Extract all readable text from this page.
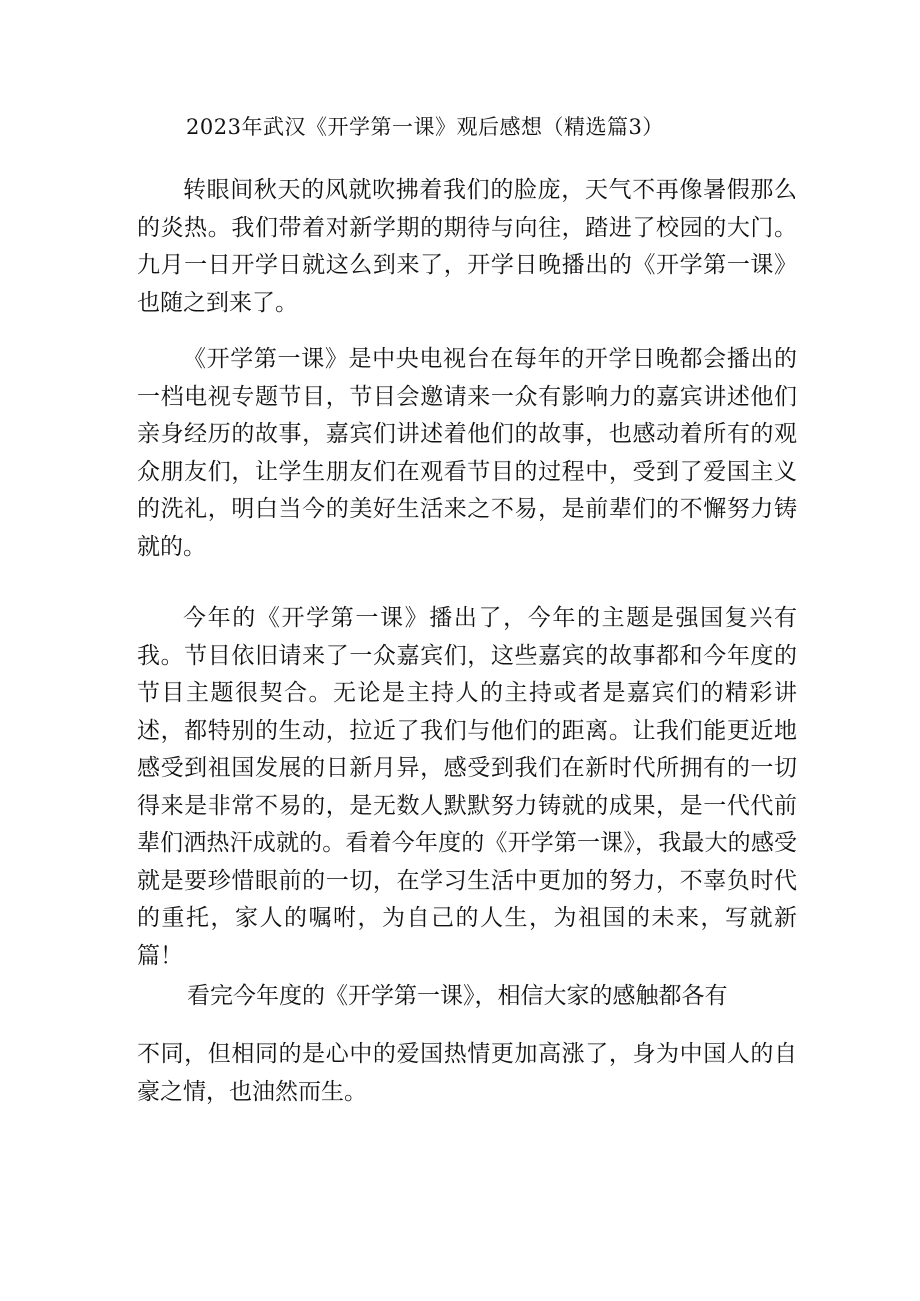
2023年武汉《开学第一课》观后感想（精选篇3）

转眼间秋天的风就吹拂着我们的脸庞，天气不再像暑假那么的炎热。我们带着对新学期的期待与向往，踏进了校园的大门。九月一日开学日就这么到来了，开学日晚播出的《开学第一课》也随之到来了。

《开学第一课》是中央电视台在每年的开学日晚都会播出的一档电视专题节目，节目会邀请来一众有影响力的嘉宾讲述他们亲身经历的故事，嘉宾们讲述着他们的故事，也感动着所有的观众朋友们，让学生朋友们在观看节目的过程中，受到了爱国主义的洗礼，明白当今的美好生活来之不易，是前辈们的不懈努力铸就的。

今年的《开学第一课》播出了，今年的主题是强国复兴有我。节目依旧请来了一众嘉宾们，这些嘉宾的故事都和今年度的节目主题很契合。无论是主持人的主持或者是嘉宾们的精彩讲述，都特别的生动，拉近了我们与他们的距离。让我们能更近地感受到祖国发展的日新月异，感受到我们在新时代所拥有的一切得来是非常不易的，是无数人默默努力铸就的成果，是一代代前辈们洒热汗成就的。看着今年度的《开学第一课》，我最大的感受就是要珍惜眼前的一切，在学习生活中更加的努力，不辜负时代的重托，家人的嘱咐，为自己的人生，为祖国的未来，写就新篇！

看完今年度的《开学第一课》，相信大家的感触都各有

不同，但相同的是心中的爱国热情更加高涨了，身为中国人的自豪之情，也油然而生。
